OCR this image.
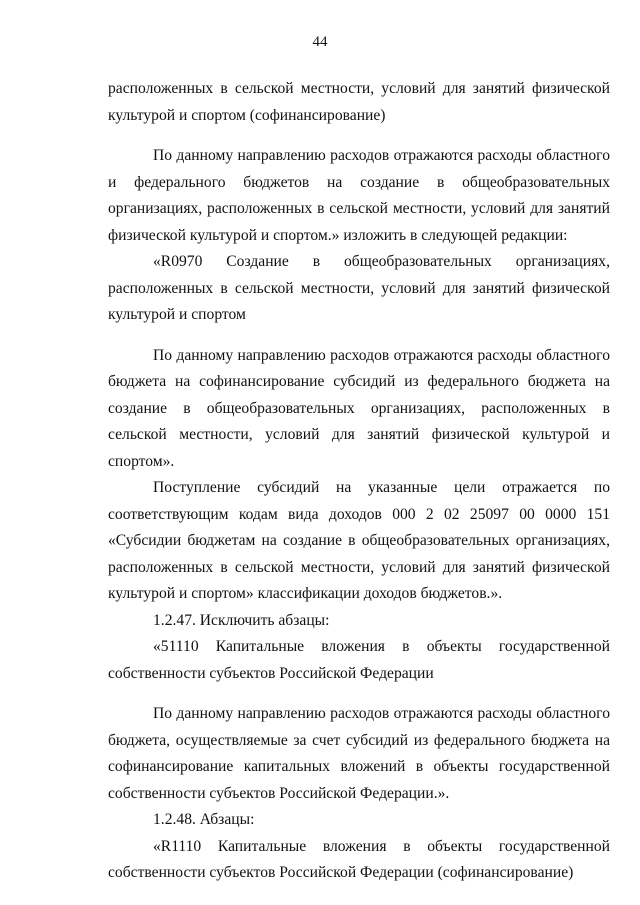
44

расположенных в сельской местности, условий для занятий физической культурой и спортом (софинансирование)

По данному направлению расходов отражаются расходы областного и федерального бюджетов на создание в общеобразовательных организациях, расположенных в сельской местности, условий для занятий физической культурой и спортом.» изложить в следующей редакции:

«R0970 Создание в общеобразовательных организациях, расположенных в сельской местности, условий для занятий физической культурой и спортом

По данному направлению расходов отражаются расходы областного бюджета на софинансирование субсидий из федерального бюджета на создание в общеобразовательных организациях, расположенных в сельской местности, условий для занятий физической культурой и спортом».

Поступление субсидий на указанные цели отражается по соответствующим кодам вида доходов 000 2 02 25097 00 0000 151 «Субсидии бюджетам на создание в общеобразовательных организациях, расположенных в сельской местности, условий для занятий физической культурой и спортом» классификации доходов бюджетов.».

1.2.47. Исключить абзацы:

«51110 Капитальные вложения в объекты государственной собственности субъектов Российской Федерации

По данному направлению расходов отражаются расходы областного бюджета, осуществляемые за счет субсидий из федерального бюджета на софинансирование капитальных вложений в объекты государственной собственности субъектов Российской Федерации.».

1.2.48. Абзацы:

«R1110 Капитальные вложения в объекты государственной собственности субъектов Российской Федерации (софинансирование)
